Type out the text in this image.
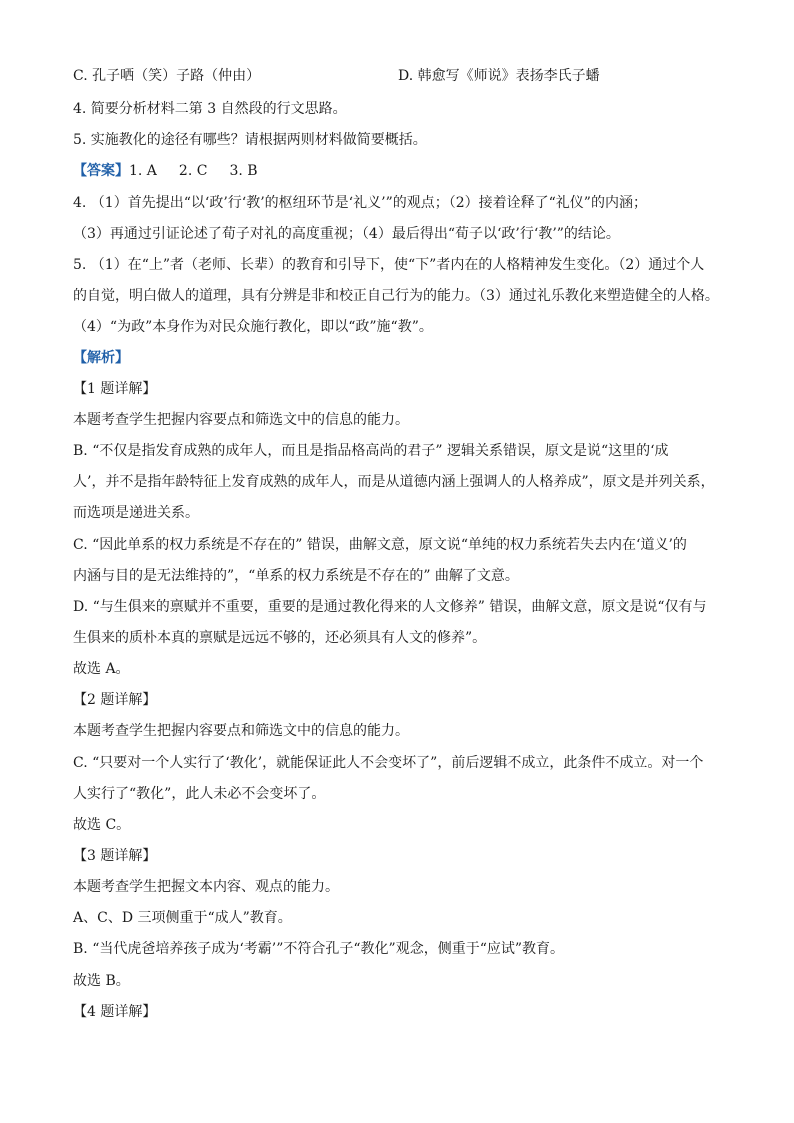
C. 孔子哂（笑）子路（仲由）	D. 韩愈写《师说》表扬李氏子蟠
4. 简要分析材料二第 3 自然段的行文思路。
5. 实施教化的途径有哪些？请根据两则材料做简要概括。
【答案】1. A 2. C 3. B
4. （1）首先提出“以‘政’行‘教’的枢纽环节是‘礼义’”的观点；（2）接着诠释了“礼仪”的内涵；
（3）再通过引证论述了荀子对礼的高度重视；（4）最后得出“荀子以‘政’行‘教’”的结论。
5. （1）在“上”者（老师、长辈）的教育和引导下，使“下”者内在的人格精神发生变化。（2）通过个人
的自觉，明白做人的道理，具有分辨是非和校正自己行为的能力。（3）通过礼乐教化来塑造健全的人格。
（4）“为政”本身作为对民众施行教化，即以“政”施“教”。
【解析】
【1 题详解】
本题考查学生把握内容要点和筛选文中的信息的能力。
B. “不仅是指发育成熟的成年人，而且是指品格高尚的君子” 逻辑关系错误，原文是说“这里的‘成
人’，并不是指年龄特征上发育成熟的成年人，而是从道德内涵上强调人的人格养成”，原文是并列关系，
而选项是递进关系。
C. “因此单系的权力系统是不存在的” 错误，曲解文意，原文说“单纯的权力系统若失去内在‘道义’的
内涵与目的是无法维持的”，“单系的权力系统是不存在的” 曲解了文意。
D. “与生俱来的禀赋并不重要，重要的是通过教化得来的人文修养” 错误，曲解文意，原文是说“仅有与
生俱来的质朴本真的禀赋是远远不够的，还必须具有人文的修养”。
故选 A。
【2 题详解】
本题考查学生把握内容要点和筛选文中的信息的能力。
C. “只要对一个人实行了‘教化’，就能保证此人不会变坏了”，前后逻辑不成立，此条件不成立。对一个
人实行了“教化”，此人未必不会变坏了。
故选 C。
【3 题详解】
本题考查学生把握文本内容、观点的能力。
A、C、D 三项侧重于“成人”教育。
B. “当代虎爸培养孩子成为‘考霸’”不符合孔子“教化”观念，侧重于“应试”教育。
故选 B。
【4 题详解】
